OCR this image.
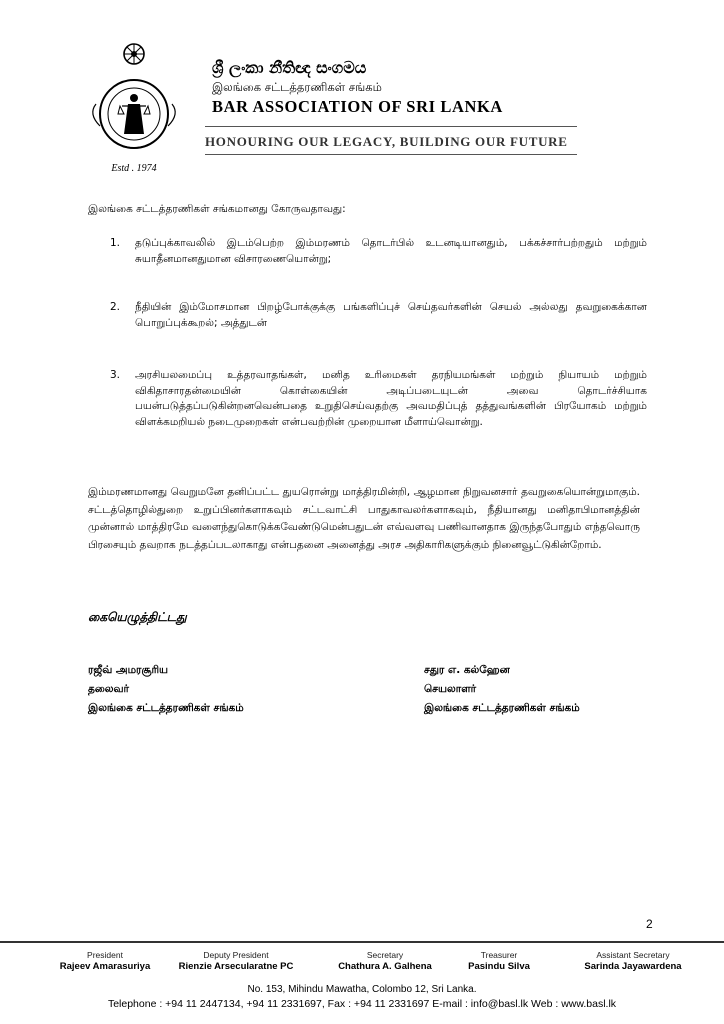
Estd . 1974
ශ්‍රී ලංකා නීතිඥ සංගමය
இலங்கை சட்டத்தரணிகள் சங்கம்
BAR ASSOCIATION OF SRI LANKA
HONOURING OUR LEGACY, BUILDING OUR FUTURE
இலங்கை சட்டத்தரணிகள் சங்கமானது கோருவதாவது:
1. தடுப்புக்காவலில் இடம்பெற்ற இம்மரணம் தொடர்பில் உடனடியானதும், பக்கச்சார்பற்றதும் மற்றும் சுயாதீனமானதுமான விசாரணையொன்று;
2. நீதியின் இம்மோசமான பிறழ்போக்குக்கு பங்களிப்புச் செய்தவர்களின் செயல் அல்லது தவறுகைக்கான பொறுப்புக்கூறல்; அத்துடன்
3. அரசியலமைப்பு உத்தரவாதங்கள், மனித உரிமைகள் தரநியமங்கள் மற்றும் நியாயம் மற்றும் விகிதாசாரதன்மையின் கொள்கையின் அடிப்படையுடன் அவை தொடர்ச்சியாக பயன்படுத்தப்படுகின்றனவென்பதை உறுதிசெய்வதற்கு அவமதிப்புத் தத்துவங்களின் பிரயோகம் மற்றும் விளக்கமறியல் நடைமுறைகள் என்பவற்றின் முறையான மீளாய்வொன்று.
இம்மரணமானது வெறுமனே தனிப்பட்ட துயரொன்று மாத்திரமின்றி, ஆழமான நிறுவனசார் தவறுகையொன்றுமாகும். சட்டத்தொழில்துறை உறுப்பினர்களாகவும் சட்டவாட்சி பாதுகாவலர்களாகவும், நீதியானது மனிதாபிமானத்தின் முன்னால் மாத்திரமே வளைந்துகொடுக்கவேண்டுமென்பதுடன் எவ்வளவு பணிவானதாக இருந்தபோதும் எந்தவொரு பிரசையும் தவறாக நடத்தப்படலாகாது என்பதனை அனைத்து அரச அதிகாரிகளுக்கும் நினைவூட்டுகின்றோம்.
கையெழுத்திட்டது
ரஜீவ் அமரசூரிய
தலைவர்
இலங்கை சட்டத்தரணிகள் சங்கம்
சதுர எ. கல்ஹேன
செயலாளர்
இலங்கை சட்டத்தரணிகள் சங்கம்
2
President
Rajeev Amarasuriya
Deputy President
Rienzie Arsecularatne PC
Secretary
Chathura A. Galhena
Treasurer
Pasindu Silva
Assistant Secretary
Sarinda Jayawardena
No. 153, Mihindu Mawatha, Colombo 12, Sri Lanka.
Telephone : +94 11 2447134, +94 11 2331697, Fax : +94 11 2331697 E-mail : info@basl.lk Web : www.basl.lk
